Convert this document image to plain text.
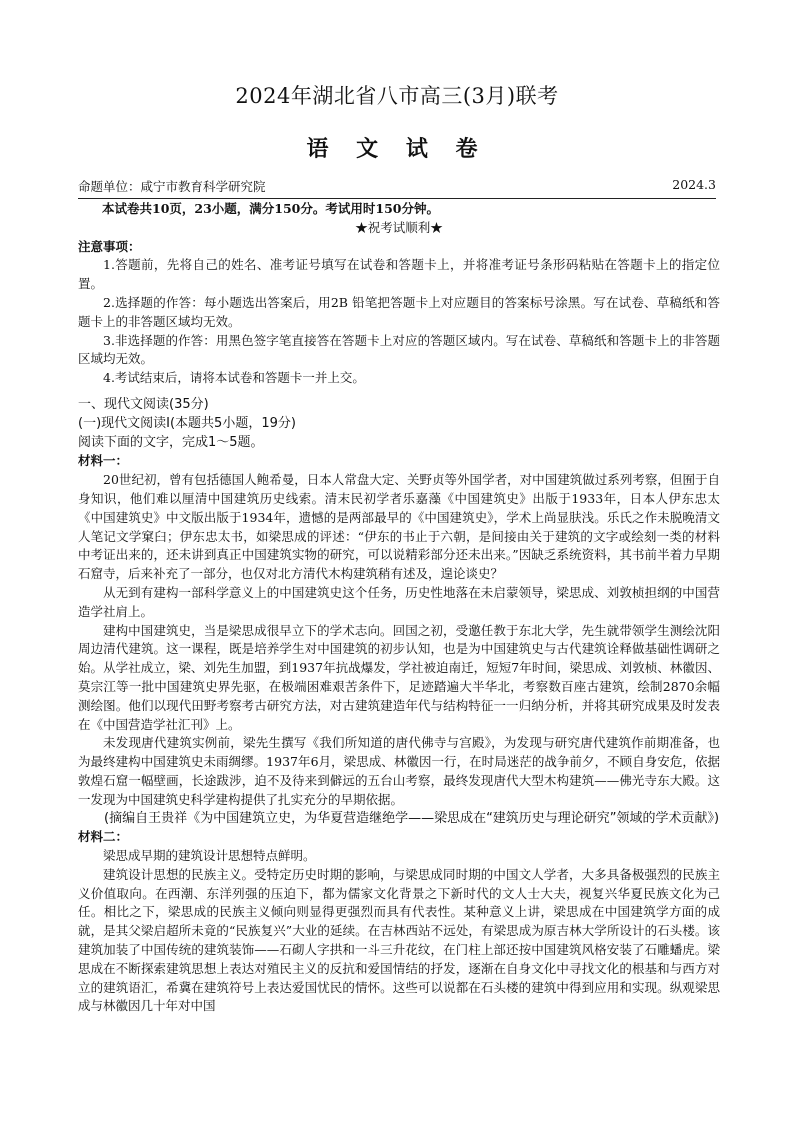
2024年湖北省八市高三(3月)联考
语 文 试 卷
命题单位：咸宁市教育科学研究院	2024.3

本试卷共10页，23小题，满分150分。考试用时150分钟。

★祝考试顺利★

注意事项：

1.答题前，先将自己的姓名、准考证号填写在试卷和答题卡上，并将准考证号条形码粘贴在答题卡上的指定位置。

2.选择题的作答：每小题选出答案后，用2B 铅笔把答题卡上对应题目的答案标号涂黑。写在试卷、草稿纸和答题卡上的非答题区域均无效。

3.非选择题的作答：用黑色签字笔直接答在答题卡上对应的答题区域内。写在试卷、草稿纸和答题卡上的非答题区域均无效。

4.考试结束后，请将本试卷和答题卡一并上交。

一、现代文阅读(35分)

(一)现代文阅读Ⅰ(本题共5小题，19分)

阅读下面的文字，完成1～5题。

材料一：

20世纪初，曾有包括德国人鲍希曼，日本人常盘大定、关野贞等外国学者，对中国建筑做过系列考察，但囿于自身知识，他们难以厘清中国建筑历史线索。清末民初学者乐嘉藻《中国建筑史》出版于1933年，日本人伊东忠太《中国建筑史》中文版出版于1934年，遗憾的是两部最早的《中国建筑史》，学术上尚显肤浅。乐氏之作未脱晚清文人笔记文学窠臼；伊东忠太书，如梁思成的评述：“伊东的书止于六朝，是间接由关于建筑的文字或绘刻一类的材料中考证出来的，还未讲到真正中国建筑实物的研究，可以说精彩部分还未出来。”因缺乏系统资料，其书前半着力早期石窟寺，后来补充了一部分，也仅对北方清代木构建筑稍有述及，遑论谈史？

从无到有建构一部科学意义上的中国建筑史这个任务，历史性地落在未启蒙领导，梁思成、刘敦桢担纲的中国营造学社肩上。

建构中国建筑史，当是梁思成很早立下的学术志向。回国之初，受邀任教于东北大学，先生就带领学生测绘沈阳周边清代建筑。这一课程，既是培养学生对中国建筑的初步认知，也是为中国建筑史与古代建筑诠释做基础性调研之始。从学社成立，梁、刘先生加盟，到1937年抗战爆发，学社被迫南迁，短短7年时间，梁思成、刘敦桢、林徽因、莫宗江等一批中国建筑史界先驱，在极端困难艰苦条件下，足迹踏遍大半华北，考察数百座古建筑，绘制2870余幅测绘图。他们以现代田野考察考古研究方法，对古建筑建造年代与结构特征一一归纳分析，并将其研究成果及时发表在《中国营造学社汇刊》上。

未发现唐代建筑实例前，梁先生撰写《我们所知道的唐代佛寺与宫殿》，为发现与研究唐代建筑作前期准备，也为最终建构中国建筑史未雨绸缪。1937年6月，梁思成、林徽因一行，在时局迷茫的战争前夕，不顾自身安危，依据敦煌石窟一幅壁画，长途跋涉，迫不及待来到僻远的五台山考察，最终发现唐代大型木构建筑——佛光寺东大殿。这一发现为中国建筑史科学建构提供了扎实充分的早期依据。

(摘编自王贵祥《为中国建筑立史，为华夏营造继绝学——梁思成在“建筑历史与理论研究”领域的学术贡献》)

材料二：

梁思成早期的建筑设计思想特点鲜明。

建筑设计思想的民族主义。受特定历史时期的影响，与梁思成同时期的中国文人学者，大多具备极强烈的民族主义价值取向。在西潮、东洋列强的压迫下，都为儒家文化背景之下新时代的文人士大夫，视复兴华夏民族文化为己任。相比之下，梁思成的民族主义倾向则显得更强烈而具有代表性。某种意义上讲，梁思成在中国建筑学方面的成就，是其父梁启超所未竟的“民族复兴”大业的延续。在吉林西站不远处，有梁思成为原吉林大学所设计的石头楼。该建筑加装了中国传统的建筑装饰——石砌人字拱和一斗三升花纹，在门柱上部还按中国建筑风格安装了石雕蟠虎。梁思成在不断探索建筑思想上表达对殖民主义的反抗和爱国情结的抒发，逐渐在自身文化中寻找文化的根基和与西方对立的建筑语汇，希冀在建筑符号上表达爱国忧民的情怀。这些可以说都在石头楼的建筑中得到应用和实现。纵观梁思成与林徽因几十年对中国
